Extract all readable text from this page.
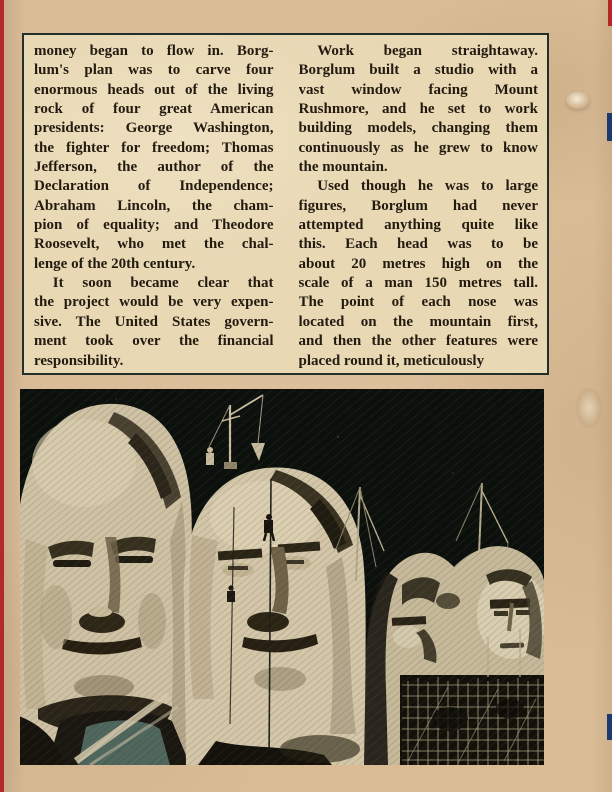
money began to flow in. Borg-
lum's plan was to carve four
enormous heads out of the living
rock of four great American
presidents: George Washington,
the fighter for freedom; Thomas
Jefferson, the author of the
Declaration of Independence;
Abraham Lincoln, the cham-
pion of equality; and Theodore
Roosevelt, who met the chal-
lenge of the 20th century.
It soon became clear that
the project would be very expen-
sive. The United States govern-
ment took over the financial
responsibility.
Work began straightaway.
Borglum built a studio with a
vast window facing Mount
Rushmore, and he set to work
building models, changing them
continuously as he grew to know
the mountain.
Used though he was to large
figures, Borglum had never
attempted anything quite like
this. Each head was to be
about 20 metres high on the
scale of a man 150 metres tall.
The point of each nose was
located on the mountain first,
and then the other features were
placed round it, meticulously
